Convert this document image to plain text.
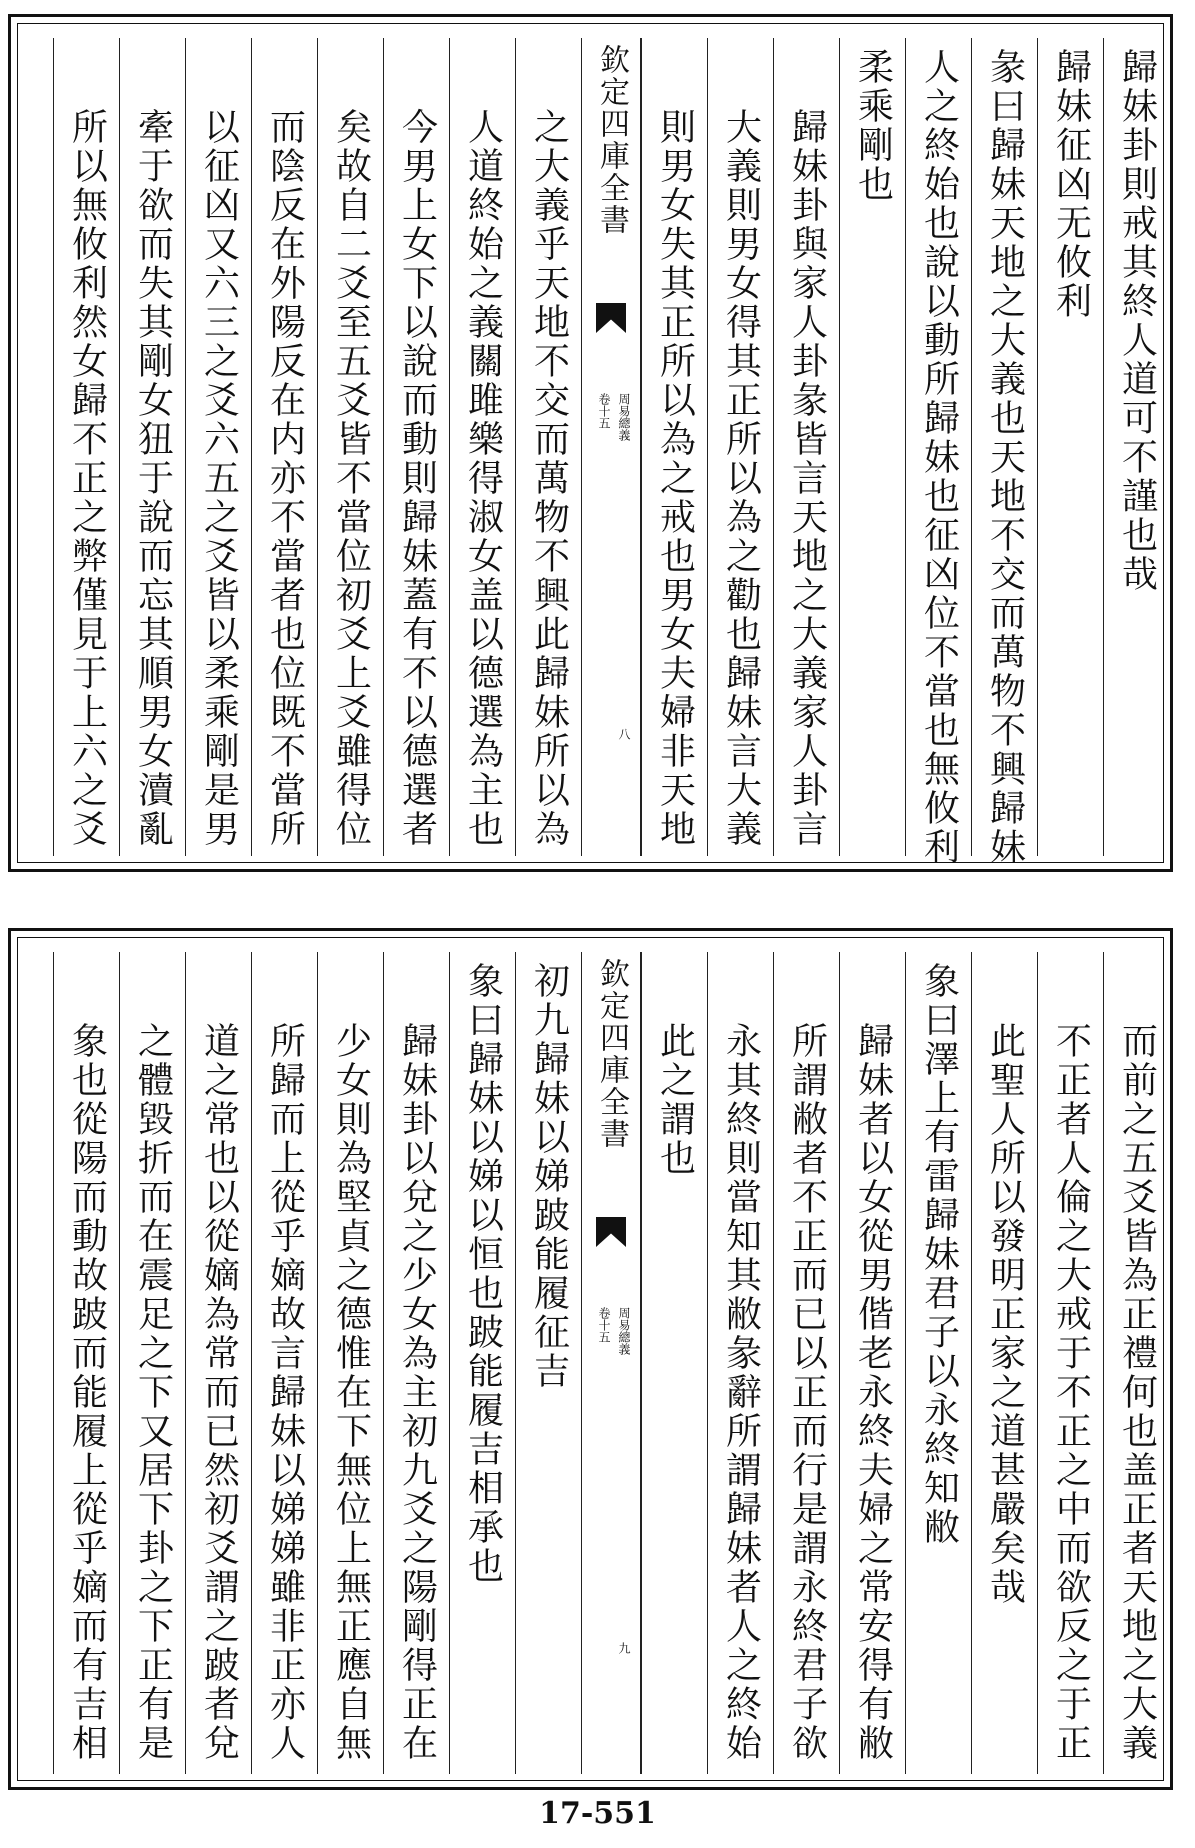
歸妹卦則戒其終人道可不謹也哉
歸妹征凶无攸利
彖曰歸妹天地之大義也天地不交而萬物不興歸妹
人之終始也說以動所歸妹也征凶位不當也無攸利
柔乘剛也
歸妹卦與家人卦彖皆言天地之大義家人卦言
大義則男女得其正所以為之勸也歸妹言大義
則男女失其正所以為之戒也男女夫婦非天地
欽定四庫全書
周易總義
卷十五
八
之大義乎天地不交而萬物不興此歸妹所以為
人道終始之義關雎樂得淑女盖以德選為主也
今男上女下以說而動則歸妹蓋有不以德選者
矣故自二爻至五爻皆不當位初爻上爻雖得位
而陰反在外陽反在内亦不當者也位既不當所
以征凶又六三之爻六五之爻皆以柔乘剛是男
牽于欲而失其剛女狃于說而忘其順男女瀆亂
所以無攸利然女歸不正之弊僅見于上六之爻
而前之五爻皆為正禮何也盖正者天地之大義
不正者人倫之大戒于不正之中而欲反之于正
此聖人所以發明正家之道甚嚴矣哉
象曰澤上有雷歸妹君子以永終知敝
歸妹者以女從男偕老永終夫婦之常安得有敝
所謂敝者不正而已以正而行是謂永終君子欲
永其終則當知其敝彖辭所謂歸妹者人之終始
此之謂也
欽定四庫全書
周易總義
卷十五
九
初九歸妹以娣跛能履征吉
象曰歸妹以娣以恒也跛能履吉相承也
歸妹卦以兌之少女為主初九爻之陽剛得正在
少女則為堅貞之德惟在下無位上無正應自無
所歸而上從乎嫡故言歸妹以娣娣雖非正亦人
道之常也以從嫡為常而已然初爻謂之跛者兌
之體毀折而在震足之下又居下卦之下正有是
象也從陽而動故跛而能履上從乎嫡而有吉相
17-551
